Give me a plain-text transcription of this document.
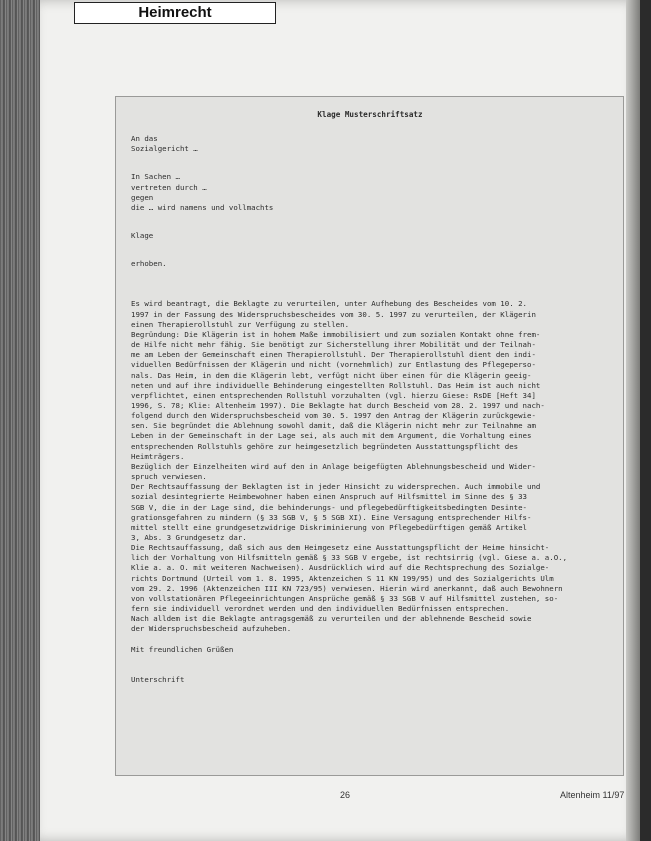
Heimrecht
Klage Musterschriftsatz
An das
Sozialgericht …
In Sachen …
vertreten durch …
gegen
die … wird namens und vollmachts
Klage
erhoben.
Es wird beantragt, die Beklagte zu verurteilen, unter Aufhebung des Bescheides vom 10. 2.
1997 in der Fassung des Widerspruchsbescheides vom 30. 5. 1997 zu verurteilen, der Klägerin
einen Therapierollstuhl zur Verfügung zu stellen.
Begründung: Die Klägerin ist in hohem Maße immobilisiert und zum sozialen Kontakt ohne frem-
de Hilfe nicht mehr fähig. Sie benötigt zur Sicherstellung ihrer Mobilität und der Teilnah-
me am Leben der Gemeinschaft einen Therapierollstuhl. Der Therapierollstuhl dient den indi-
viduellen Bedürfnissen der Klägerin und nicht (vornehmlich) zur Entlastung des Pflegeperso-
nals. Das Heim, in dem die Klägerin lebt, verfügt nicht über einen für die Klägerin geeig-
neten und auf ihre individuelle Behinderung eingestellten Rollstuhl. Das Heim ist auch nicht
verpflichtet, einen entsprechenden Rollstuhl vorzuhalten (vgl. hierzu Giese: RsDE [Heft 34]
1996, S. 78; Klie: Altenheim 1997). Die Beklagte hat durch Bescheid vom 28. 2. 1997 und nach-
folgend durch den Widerspruchsbescheid vom 30. 5. 1997 den Antrag der Klägerin zurückgewie-
sen. Sie begründet die Ablehnung sowohl damit, daß die Klägerin nicht mehr zur Teilnahme am
Leben in der Gemeinschaft in der Lage sei, als auch mit dem Argument, die Vorhaltung eines
entsprechenden Rollstuhls gehöre zur heimgesetzlich begründeten Ausstattungspflicht des
Heimträgers.
Bezüglich der Einzelheiten wird auf den in Anlage beigefügten Ablehnungsbescheid und Wider-
spruch verwiesen.
Der Rechtsauffassung der Beklagten ist in jeder Hinsicht zu widersprechen. Auch immobile und
sozial desintegrierte Heimbewohner haben einen Anspruch auf Hilfsmittel im Sinne des § 33
SGB V, die in der Lage sind, die behinderungs- und pflegebedürftigkeitsbedingten Desinte-
grationsgefahren zu mindern (§ 33 SGB V, § 5 SGB XI). Eine Versagung entsprechender Hilfs-
mittel stellt eine grundgesetzwidrige Diskriminierung von Pflegebedürftigen gemäß Artikel
3, Abs. 3 Grundgesetz dar.
Die Rechtsauffassung, daß sich aus dem Heimgesetz eine Ausstattungspflicht der Heime hinsicht-
lich der Vorhaltung von Hilfsmitteln gemäß § 33 SGB V ergebe, ist rechtsirrig (vgl. Giese a. a.O.,
Klie a. a. O. mit weiteren Nachweisen). Ausdrücklich wird auf die Rechtsprechung des Sozialge-
richts Dortmund (Urteil vom 1. 8. 1995, Aktenzeichen S 11 KN 199/95) und des Sozialgerichts Ulm
vom 29. 2. 1996 (Aktenzeichen III KN 723/95) verwiesen. Hierin wird anerkannt, daß auch Bewohnern
von vollstationären Pflegeeinrichtungen Ansprüche gemäß § 33 SGB V auf Hilfsmittel zustehen, so-
fern sie individuell verordnet werden und den individuellen Bedürfnissen entsprechen.
Nach alldem ist die Beklagte antragsgemäß zu verurteilen und der ablehnende Bescheid sowie
der Widerspruchsbescheid aufzuheben.
Mit freundlichen Grüßen
Unterschrift
26	Altenheim 11/97
